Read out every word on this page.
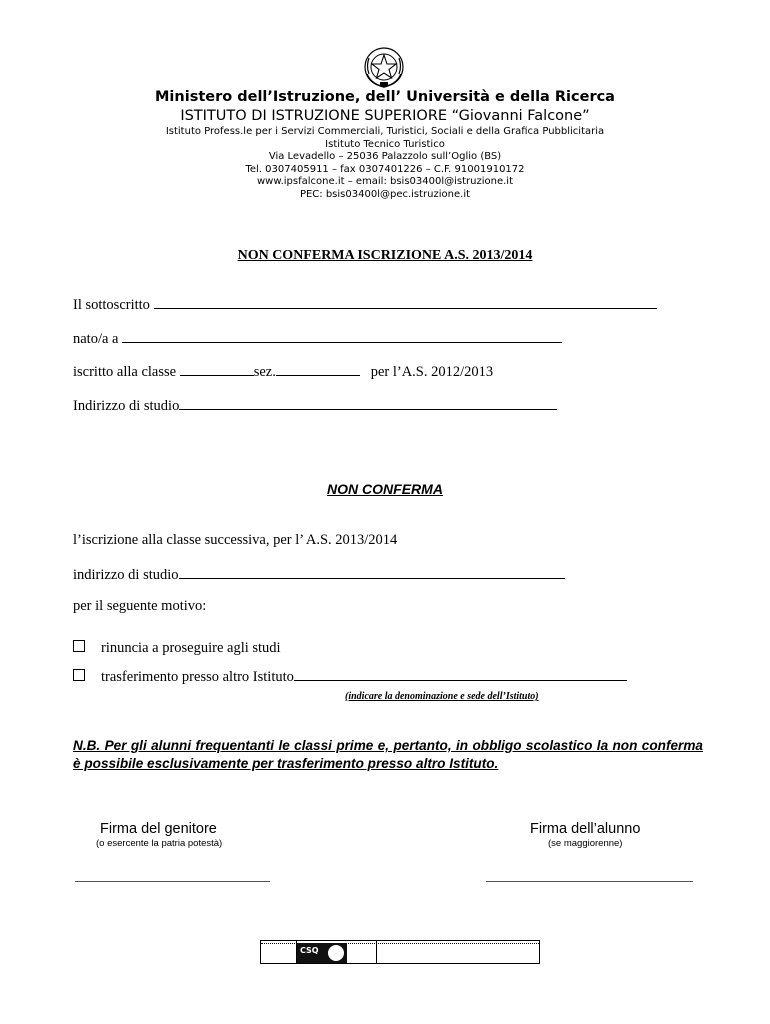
Ministero dell’Istruzione, dell’ Università e della Ricerca
ISTITUTO DI ISTRUZIONE SUPERIORE “Giovanni Falcone”
Istituto Profess.le per i Servizi Commerciali, Turistici, Sociali e della Grafica Pubblicitaria
Istituto Tecnico Turistico
Via Levadello – 25036 Palazzolo sull’Oglio (BS)
Tel. 0307405911 – fax 0307401226 – C.F. 91001910172
www.ipsfalcone.it – email: bsis03400l@istruzione.it
PEC: bsis03400l@pec.istruzione.it
NON CONFERMA ISCRIZIONE A.S. 2013/2014
Il sottoscritto
nato/a a
iscritto alla classe	sez.	per l’A.S. 2012/2013
Indirizzo di studio
NON CONFERMA
l’iscrizione alla classe successiva, per l’ A.S. 2013/2014
indirizzo di studio
per il seguente motivo:
rinuncia a proseguire agli studi
trasferimento presso altro Istituto
(indicare la denominazione e sede dell’Istituto)
N.B. Per gli alunni frequentanti le classi prime e, pertanto, in obbligo scolastico la non conferma è possibile esclusivamente per trasferimento presso altro Istituto.
Firma del genitore
(o esercente la patria potestà)
Firma dell’alunno
(se maggiorenne)
CSQ
